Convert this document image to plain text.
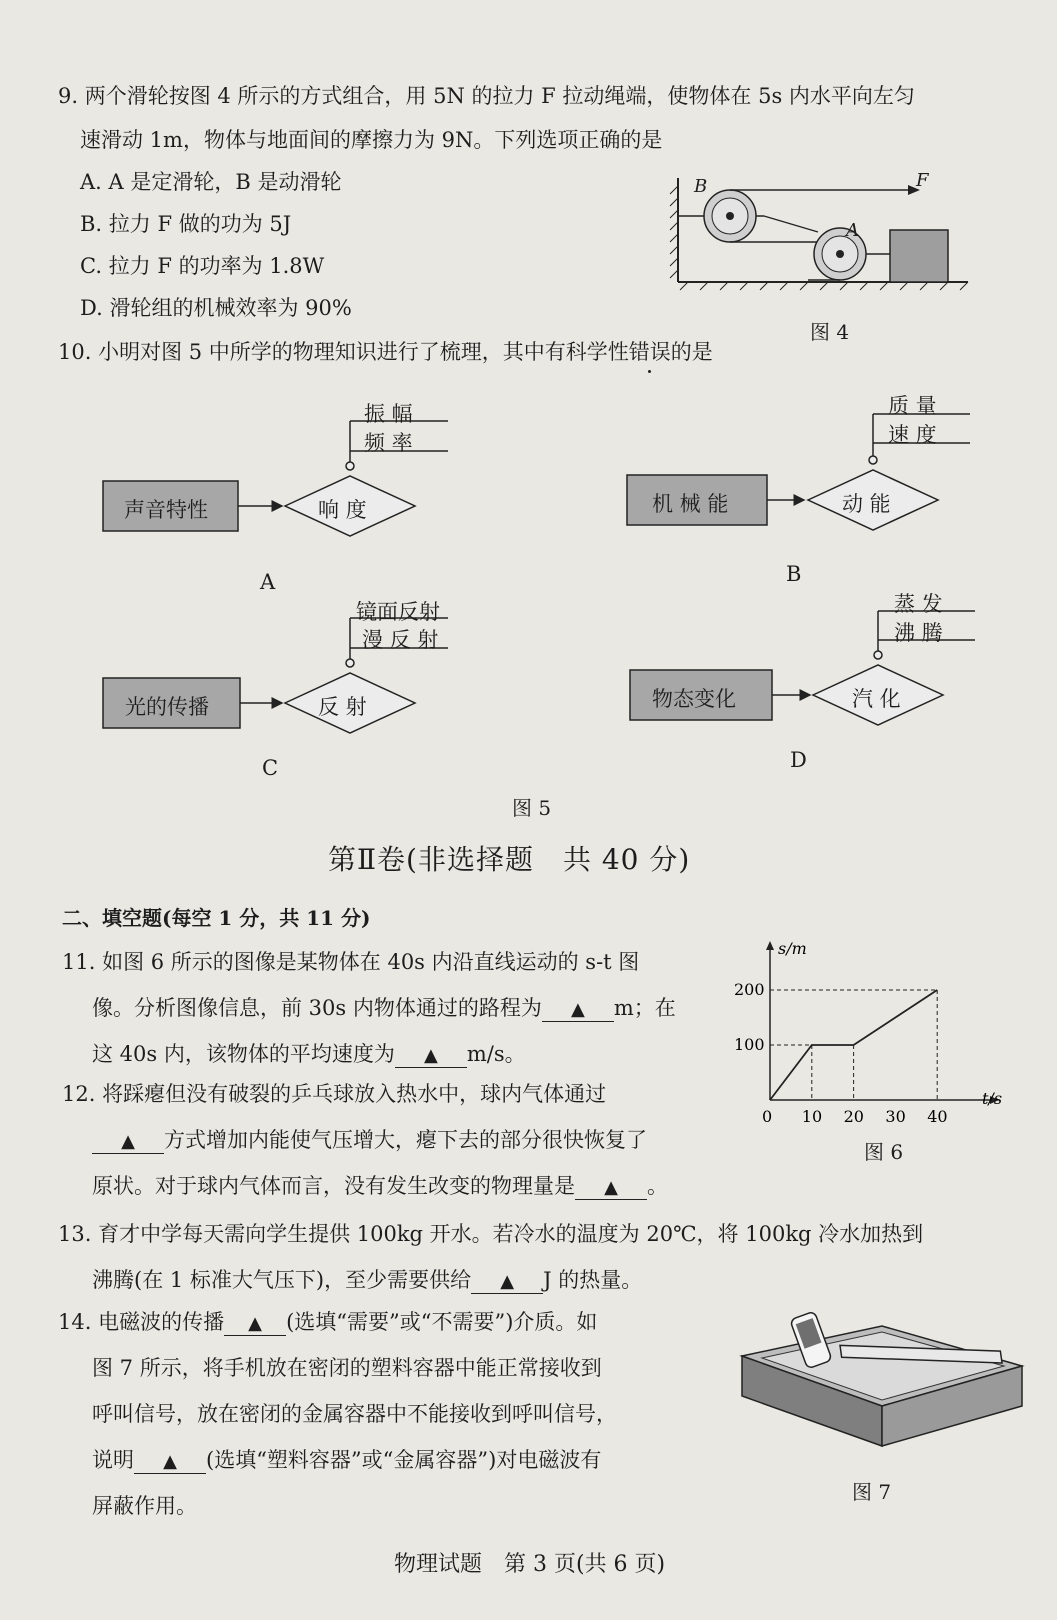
9. 两个滑轮按图 4 所示的方式组合，用 5N 的拉力 F 拉动绳端，使物体在 5s 内水平向左匀
速滑动 1m，物体与地面间的摩擦力为 9N。下列选项正确的是
A. A 是定滑轮，B 是动滑轮
B. 拉力 F 做的功为 5J
C. 拉力 F 的功率为 1.8W
D. 滑轮组的机械效率为 90%
B
A
F
图 4
10. 小明对图 5 中所学的物理知识进行了梳理，其中有科学性错误的是
声音特性	响 度
振 幅
频 率
A
机 械 能	动 能
质 量
速 度
B
光的传播	反 射
镜面反射
漫 反 射
C
物态变化	汽 化
蒸 发
沸 腾
D
图 5
第Ⅱ卷(非选择题　共 40 分)
二、填空题(每空 1 分，共 11 分)
11. 如图 6 所示的图像是某物体在 40s 内沿直线运动的 s-t 图
像。分析图像信息，前 30s 内物体通过的路程为 ▲ m；在
这 40s 内，该物体的平均速度为 ▲ m/s。
t/s
s/m
0 10 20 30 40
100
200
图 6
12. 将踩瘪但没有破裂的乒乓球放入热水中，球内气体通过
▲ 方式增加内能使气压增大，瘪下去的部分很快恢复了
原状。对于球内气体而言，没有发生改变的物理量是 ▲ 。
13. 育才中学每天需向学生提供 100kg 开水。若冷水的温度为 20℃，将 100kg 冷水加热到
沸腾(在 1 标准大气压下)，至少需要供给 ▲ J 的热量。
14. 电磁波的传播 ▲ (选填“需要”或“不需要”)介质。如
图 7 所示，将手机放在密闭的塑料容器中能正常接收到
呼叫信号，放在密闭的金属容器中不能接收到呼叫信号，
说明 ▲ (选填“塑料容器”或“金属容器”)对电磁波有
屏蔽作用。
图 7
物理试题　第 3 页(共 6 页)
